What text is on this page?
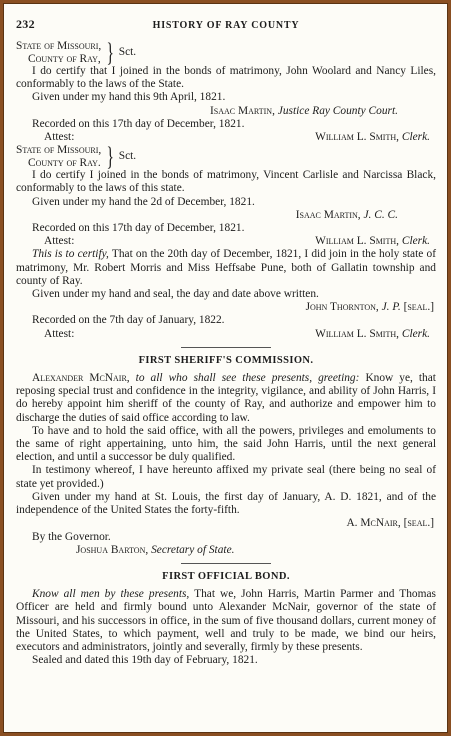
232	HISTORY OF RAY COUNTY
State of Missouri,
County of Ray, } Sct.

I do certify that I joined in the bonds of matrimony, John Woolard and Nancy Liles, conformably to the laws of the State.

Given under my hand this 9th April, 1821.

Isaac Martin, Justice Ray County Court.

Recorded on this 17th day of December, 1821.

Attest:	William L. Smith, Clerk.
State of Missouri,
County of Ray. } Sct.

I do certify I joined in the bonds of matrimony, Vincent Carlisle and Narcissa Black, conformably to the laws of this state.

Given under my hand the 2d of December, 1821.

Isaac Martin, J. C. C.

Recorded on this 17th day of December, 1821.

Attest:	William L. Smith, Clerk.

This is to certify, That on the 20th day of December, 1821, I did join in the holy state of matrimony, Mr. Robert Morris and Miss Heffsabe Pune, both of Gallatin township and county of Ray.

Given under my hand and seal, the day and date above written.

John Thornton, J. P. [seal.]

Recorded on the 7th day of January, 1822.

Attest:	William L. Smith, Clerk.
FIRST SHERIFF'S COMMISSION.

Alexander McNair, to all who shall see these presents, greeting: Know ye, that reposing special trust and confidence in the integrity, vigilance, and ability of John Harris, I do hereby appoint him sheriff of the county of Ray, and authorize and empower him to discharge the duties of said office according to law.

To have and to hold the said office, with all the powers, privileges and emoluments to the same of right appertaining, unto him, the said John Harris, until the next general election, and until a successor be duly qualified.

In testimony whereof, I have hereunto affixed my private seal (there being no seal of state yet provided.)

Given under my hand at St. Louis, the first day of January, A. D. 1821, and of the independence of the United States the forty-fifth.

A. McNair, [seal.]

By the Governor.

Joshua Barton, Secretary of State.

FIRST OFFICIAL BOND.

Know all men by these presents, That we, John Harris, Martin Parmer and Thomas Officer are held and firmly bound unto Alexander McNair, governor of the state of Missouri, and his successors in office, in the sum of five thousand dollars, current money of the United States, to which payment, well and truly to be made, we bind our heirs, executors and administrators, jointly and severally, firmly by these presents.

Sealed and dated this 19th day of February, 1821.
